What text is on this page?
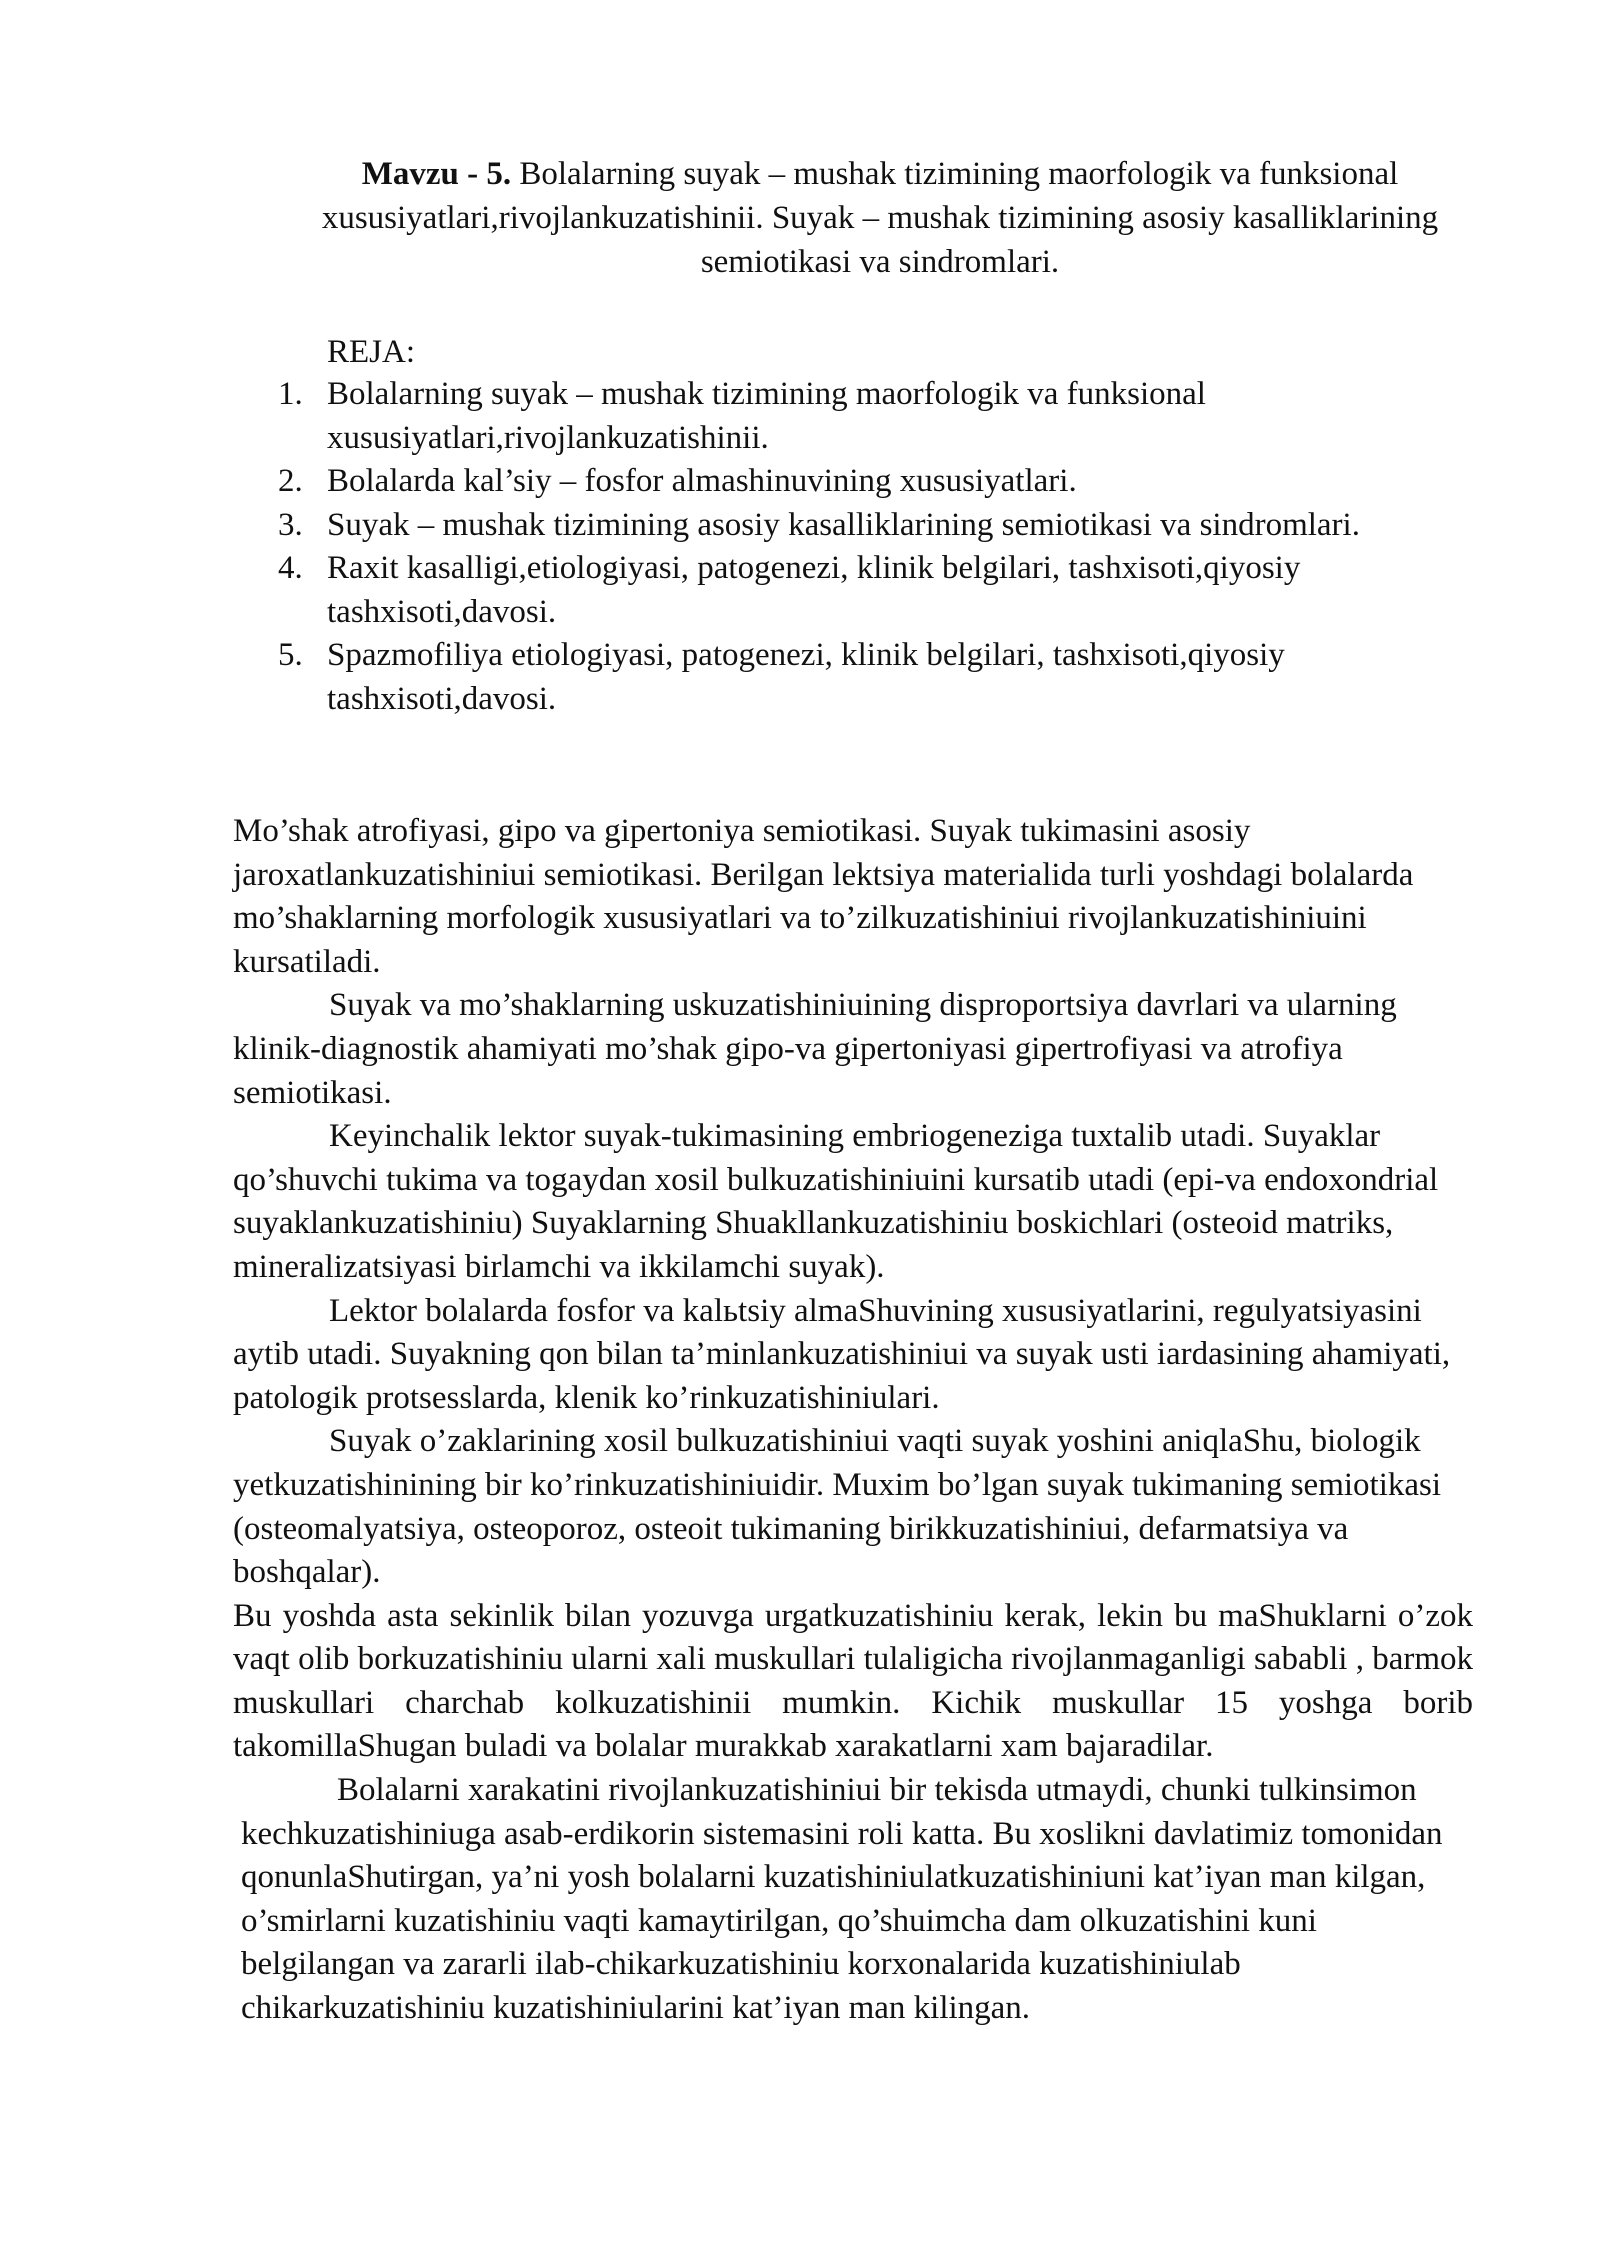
Mavzu - 5. Bolalarning suyak – mushak tizimining maorfologik va funksional xususiyatlari,rivojlankuzatishinii. Suyak – mushak tizimining asosiy kasalliklarining semiotikasi va sindromlari.
REJA:
1. Bolalarning suyak – mushak tizimining maorfologik va funksional xususiyatlari,rivojlankuzatishinii.
2. Bolalarda kal’siy – fosfor almashinuvining xususiyatlari.
3. Suyak – mushak tizimining asosiy kasalliklarining semiotikasi va sindromlari.
4. Raxit kasalligi,etiologiyasi, patogenezi, klinik belgilari, tashxisoti,qiyosiy tashxisoti,davosi.
5. Spazmofiliya etiologiyasi, patogenezi, klinik belgilari, tashxisoti,qiyosiy tashxisoti,davosi.

Mo’shak atrofiyasi, gipo va gipertoniya semiotikasi. Suyak tukimasini asosiy jaroxatlankuzatishiniui semiotikasi. Berilgan lektsiya materialida turli yoshdagi bolalarda mo’shaklarning morfologik xususiyatlari va to’zilkuzatishiniui rivojlankuzatishiniuini kursatiladi.

Suyak va mo’shaklarning uskuzatishiniuining disproportsiya davrlari va ularning klinik-diagnostik ahamiyati mo’shak gipo-va gipertoniyasi gipertrofiyasi va atrofiya semiotikasi.

Keyinchalik lektor suyak-tukimasining embriogeneziga tuxtalib utadi. Suyaklar qo’shuvchi tukima va togaydan xosil bulkuzatishiniuini kursatib utadi (epi-va endoxondrial suyaklankuzatishiniu) Suyaklarning Shuakllankuzatishiniu boskichlari (osteoid matriks, mineralizatsiyasi birlamchi va ikkilamchi suyak).

Lektor bolalarda fosfor va kalьtsiy almaShuvining xususiyatlarini, regulyatsiyasini aytib utadi. Suyakning qon bilan ta’minlankuzatishiniui va suyak usti iardasining ahamiyati, patologik protsesslarda, klenik ko’rinkuzatishiniulari.

Suyak o’zaklarining xosil bulkuzatishiniui vaqti suyak yoshini aniqlaShu, biologik yetkuzatishinining bir ko’rinkuzatishiniuidir. Muxim bo’lgan suyak tukimaning semiotikasi (osteomalyatsiya, osteoporoz, osteoit tukimaning birikkuzatishiniui, defarmatsiya va boshqalar).

Bu yoshda asta sekinlik bilan yozuvga urgatkuzatishiniu kerak, lekin bu maShuklarni o’zok vaqt olib borkuzatishiniu ularni xali muskullari tulaligicha rivojlanmaganligi sababli , barmok muskullari charchab kolkuzatishinii mumkin. Kichik muskullar 15 yoshga borib takomillaShugan buladi va bolalar murakkab xarakatlarni xam bajaradilar.

Bolalarni xarakatini rivojlankuzatishiniui bir tekisda utmaydi, chunki tulkinsimon kechkuzatishiniuga asab-erdikorin sistemasini roli katta. Bu xoslikni davlatimiz tomonidan qonunlaShutirgan, ya’ni yosh bolalarni kuzatishiniulatkuzatishiniuni kat’iyan man kilgan, o’smirlarni kuzatishiniu vaqti kamaytirilgan, qo’shuimcha dam olkuzatishini kuni belgilangan va zararli ilab-chikarkuzatishiniu korxonalarida kuzatishiniulab chikarkuzatishiniu kuzatishiniularini kat’iyan man kilingan.
